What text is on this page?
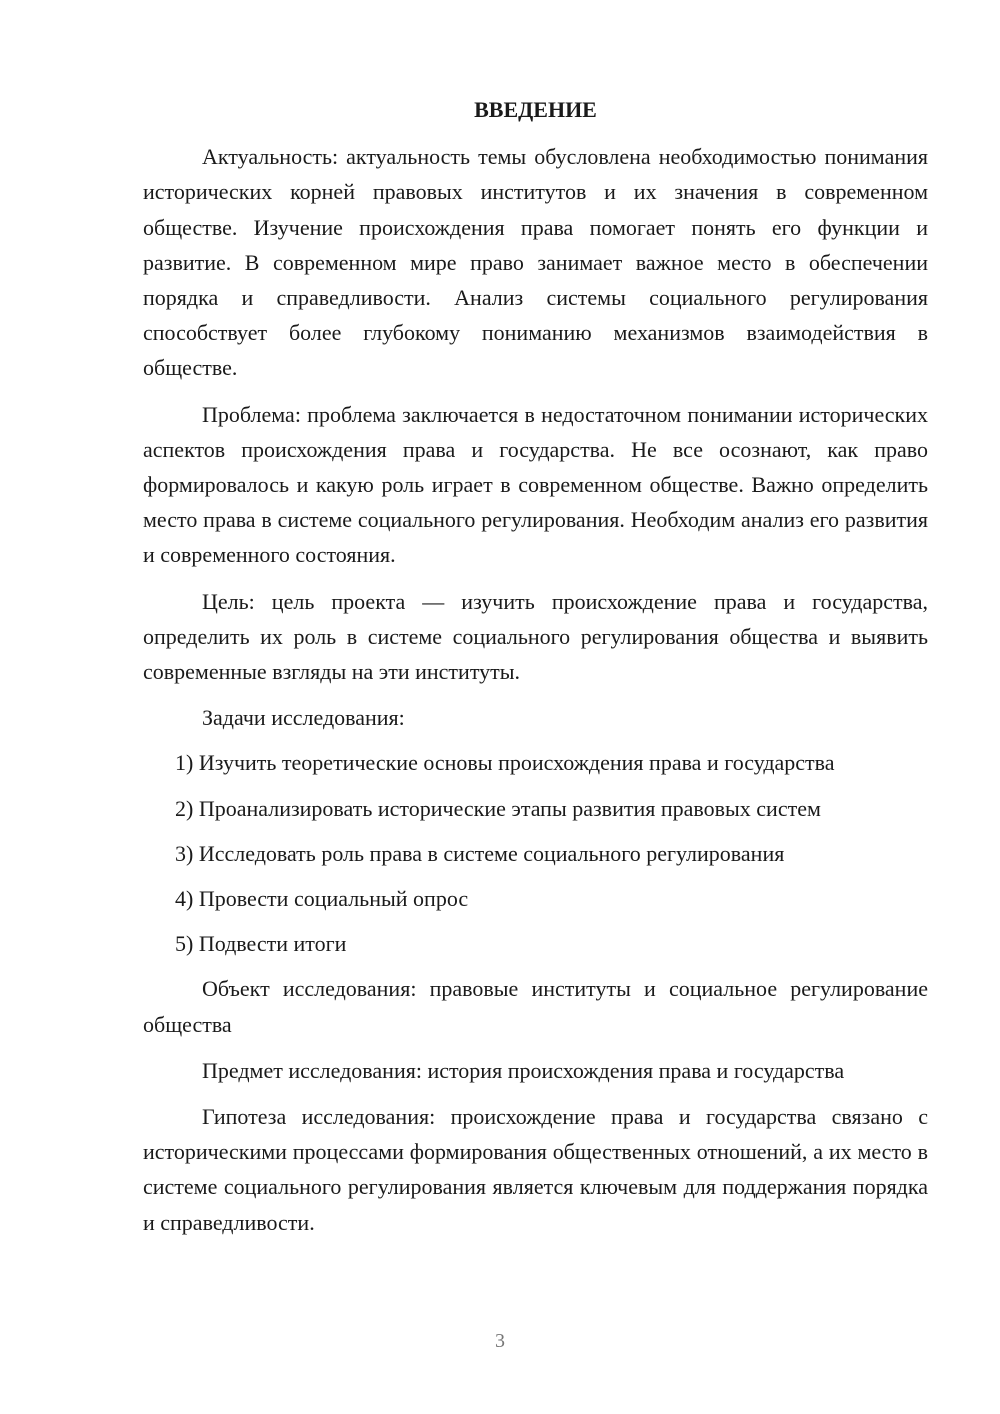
ВВЕДЕНИЕ

Актуальность: актуальность темы обусловлена необходимостью понимания исторических корней правовых институтов и их значения в современном обществе. Изучение происхождения права помогает понять его функции и развитие. В современном мире право занимает важное место в обеспечении порядка и справедливости. Анализ системы социального регулирования способствует более глубокому пониманию механизмов взаимодействия в обществе.

Проблема: проблема заключается в недостаточном понимании исторических аспектов происхождения права и государства. Не все осознают, как право формировалось и какую роль играет в современном обществе. Важно определить место права в системе социального регулирования. Необходим анализ его развития и современного состояния.

Цель: цель проекта — изучить происхождение права и государства, определить их роль в системе социального регулирования общества и выявить современные взгляды на эти институты.

Задачи исследования:

1) Изучить теоретические основы происхождения права и государства
2) Проанализировать исторические этапы развития правовых систем
3) Исследовать роль права в системе социального регулирования
4) Провести социальный опрос
5) Подвести итоги

Объект исследования: правовые институты и социальное регулирование общества

Предмет исследования: история происхождения права и государства

Гипотеза исследования: происхождение права и государства связано с историческими процессами формирования общественных отношений, а их место в системе социального регулирования является ключевым для поддержания порядка и справедливости.

3
